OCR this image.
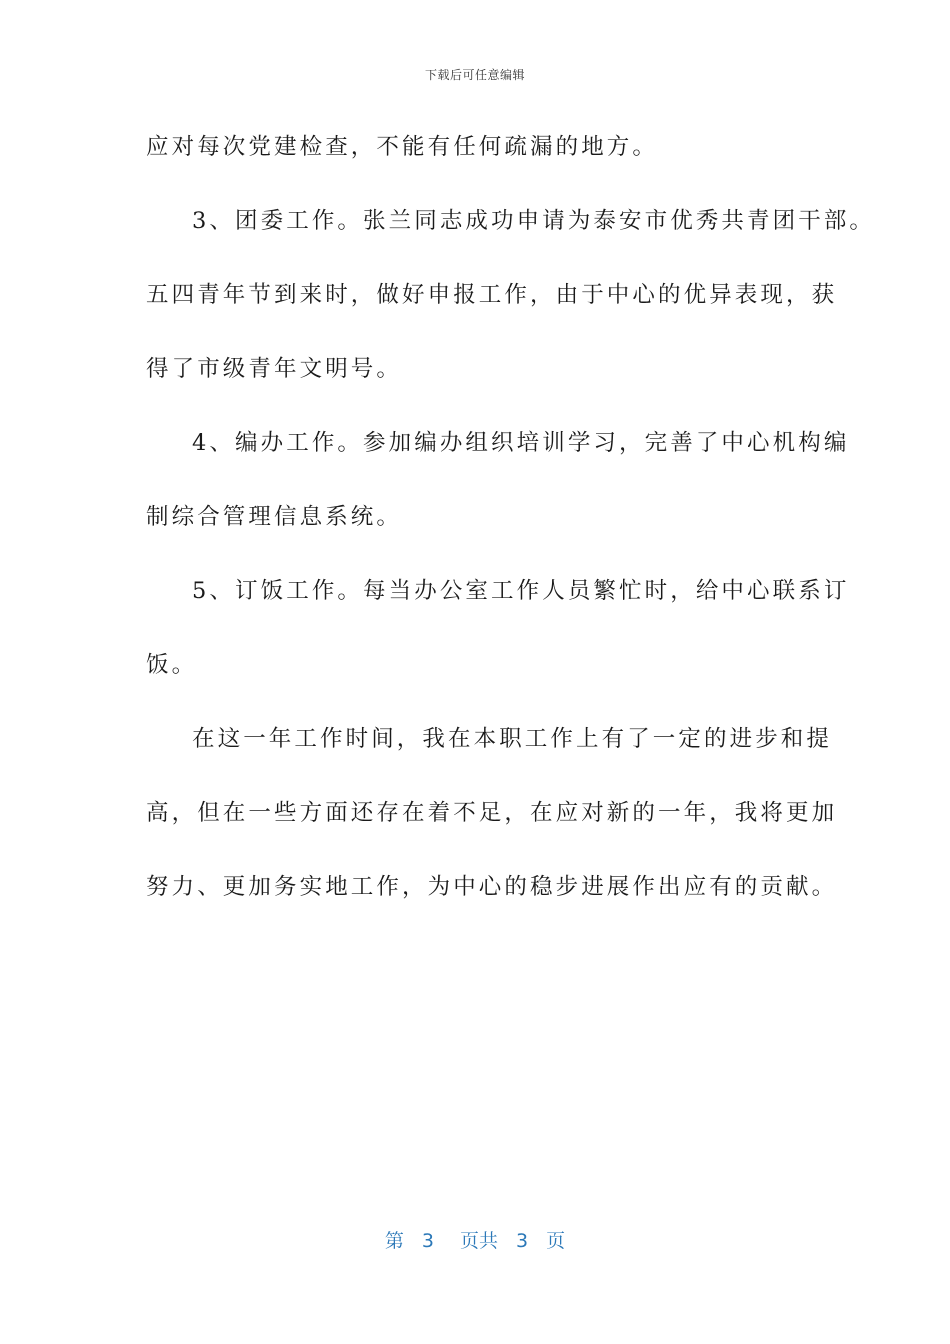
下载后可任意编辑
应对每次党建检查，不能有任何疏漏的地方。
3、团委工作。张兰同志成功申请为泰安市优秀共青团干部。
五四青年节到来时，做好申报工作，由于中心的优异表现，获
得了市级青年文明号。
4、编办工作。参加编办组织培训学习，完善了中心机构编
制综合管理信息系统。
5、订饭工作。每当办公室工作人员繁忙时，给中心联系订
饭。
在这一年工作时间，我在本职工作上有了一定的进步和提
高，但在一些方面还存在着不足，在应对新的一年，我将更加
努力、更加务实地工作，为中心的稳步进展作出应有的贡献。
第 3 页共 3 页
